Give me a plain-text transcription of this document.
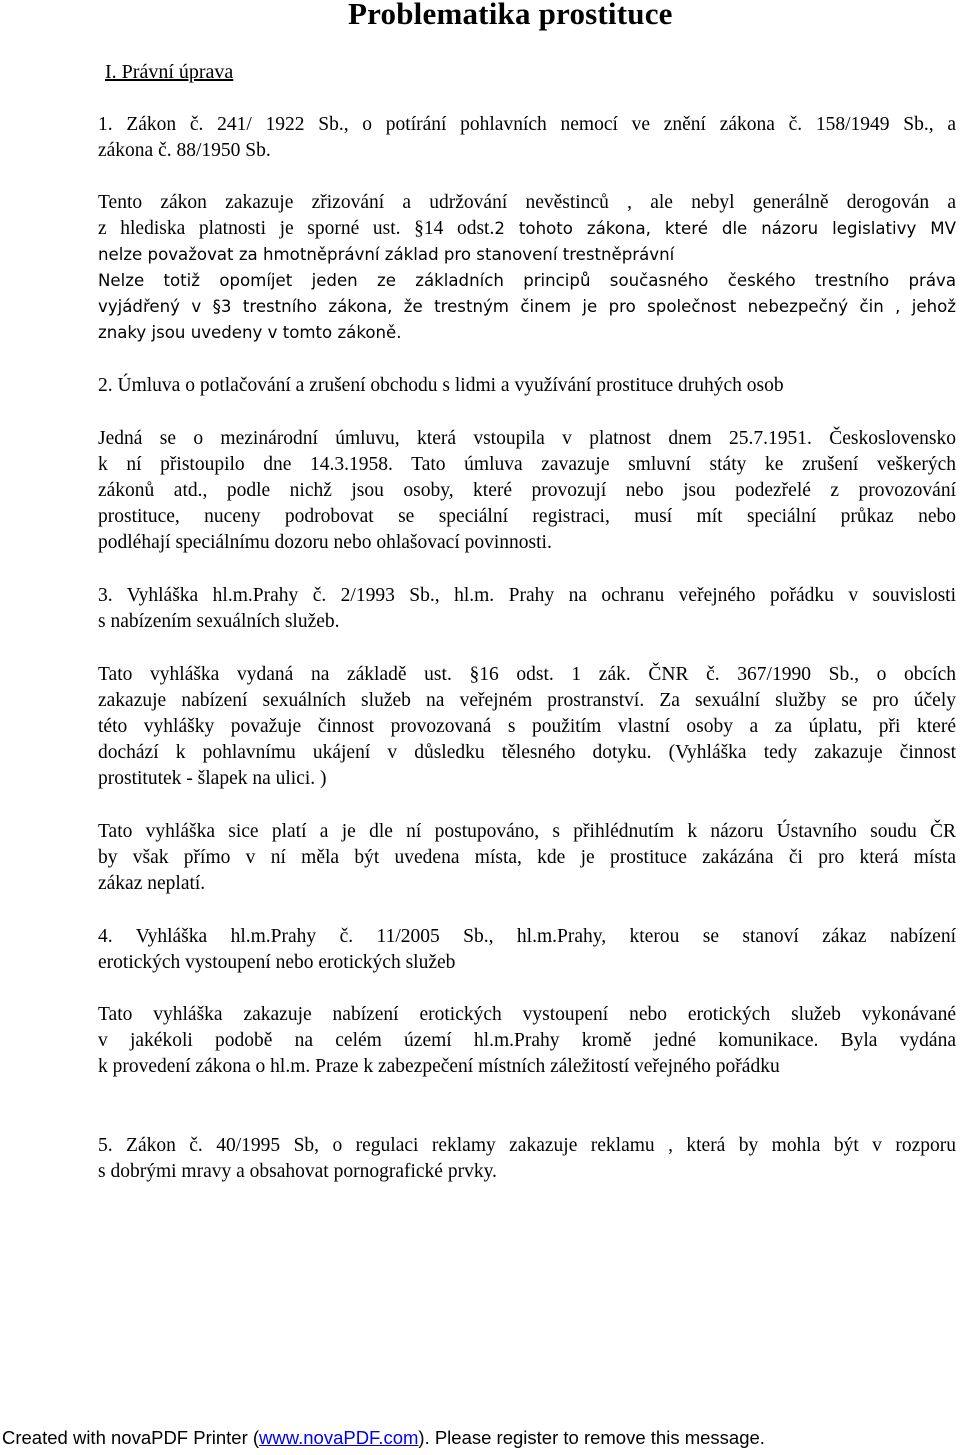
Problematika prostituce
I. Právní úprava
1. Zákon č. 241/ 1922 Sb., o potírání pohlavních nemocí ve znění zákona č. 158/1949 Sb., a
zákona č. 88/1950 Sb.
Tento zákon zakazuje zřizování a udržování nevěstinců , ale nebyl generálně derogován a
z hlediska platnosti je sporné ust. §14 odst.2 tohoto zákona, které dle názoru legislativy MV
nelze považovat za hmotněprávní základ pro stanovení trestněprávní
Nelze totiž opomíjet jeden ze základních principů současného českého trestního práva
vyjádřený v §3 trestního zákona, že trestným činem je pro společnost nebezpečný čin , jehož
znaky jsou uvedeny v tomto zákoně.
2. Úmluva o potlačování a zrušení obchodu s lidmi a využívání prostituce druhých osob
Jedná se o mezinárodní úmluvu, která vstoupila v platnost dnem 25.7.1951. Československo
k ní přistoupilo dne 14.3.1958. Tato úmluva zavazuje smluvní státy ke zrušení veškerých
zákonů atd., podle nichž jsou osoby, které provozují nebo jsou podezřelé z provozování
prostituce, nuceny podrobovat se speciální registraci, musí mít speciální průkaz nebo
podléhají speciálnímu dozoru nebo ohlašovací povinnosti.
3. Vyhláška hl.m.Prahy č. 2/1993 Sb., hl.m. Prahy na ochranu veřejného pořádku v souvislosti
s nabízením sexuálních služeb.
Tato vyhláška vydaná na základě ust. §16 odst. 1 zák. ČNR č. 367/1990 Sb., o obcích
zakazuje nabízení sexuálních služeb na veřejném prostranství. Za sexuální služby se pro účely
této vyhlášky považuje činnost provozovaná s použitím vlastní osoby a za úplatu, při které
dochází k pohlavnímu ukájení v důsledku tělesného dotyku. (Vyhláška tedy zakazuje činnost
prostitutek - šlapek na ulici. )
Tato vyhláška sice platí a je dle ní postupováno, s přihlédnutím k názoru Ústavního soudu ČR
by však přímo v ní měla být uvedena místa, kde je prostituce zakázána či pro která místa
zákaz neplatí.
4. Vyhláška hl.m.Prahy č. 11/2005 Sb., hl.m.Prahy, kterou se stanoví zákaz nabízení
erotických vystoupení nebo erotických služeb
Tato vyhláška zakazuje nabízení erotických vystoupení nebo erotických služeb vykonávané
v jakékoli podobě na celém území hl.m.Prahy kromě jedné komunikace. Byla vydána
k provedení zákona o hl.m. Praze k zabezpečení místních záležitostí veřejného pořádku
5. Zákon č. 40/1995 Sb, o regulaci reklamy zakazuje reklamu , která by mohla být v rozporu
s dobrými mravy a obsahovat pornografické prvky.
Created with novaPDF Printer (www.novaPDF.com). Please register to remove this message.
